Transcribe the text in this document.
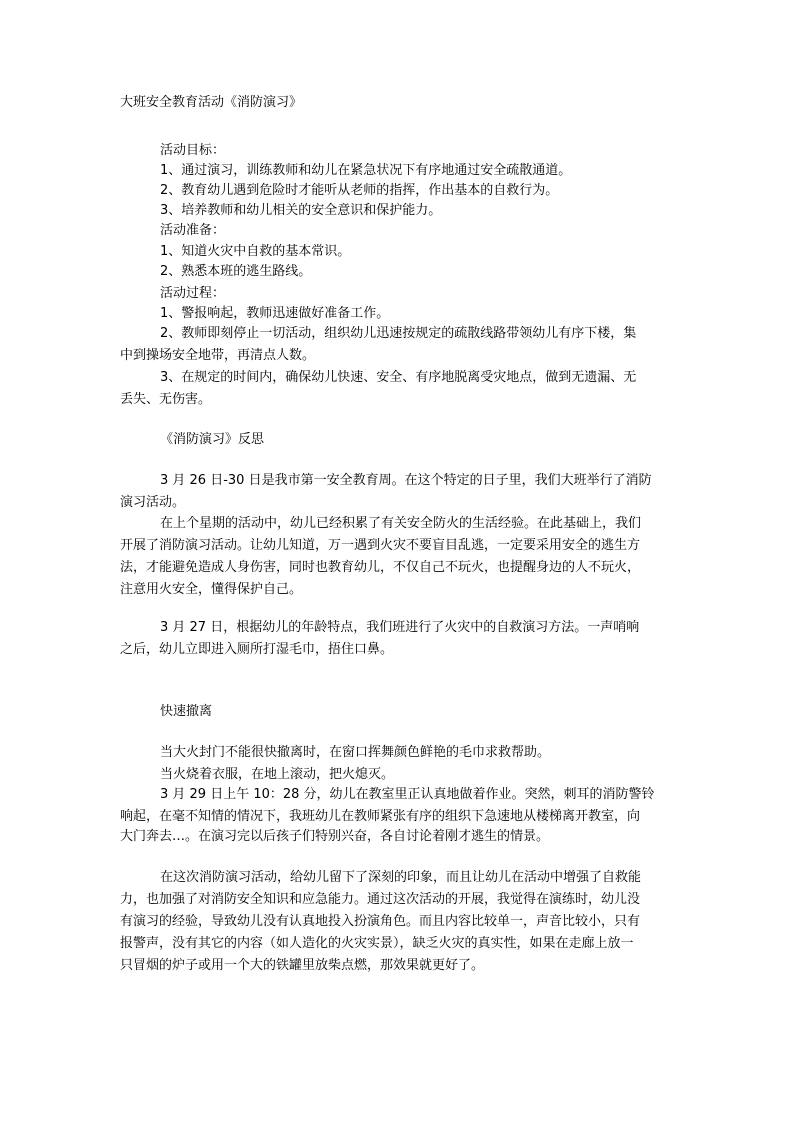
大班安全教育活动《消防演习》
活动目标：
1、通过演习，训练教师和幼儿在紧急状况下有序地通过安全疏散通道。
2、教育幼儿遇到危险时才能听从老师的指挥，作出基本的自救行为。
3、培养教师和幼儿相关的安全意识和保护能力。
活动准备：
1、知道火灾中自救的基本常识。
2、熟悉本班的逃生路线。
活动过程：
1、警报响起，教师迅速做好准备工作。
2、教师即刻停止一切活动，组织幼儿迅速按规定的疏散线路带领幼儿有序下楼，集
中到操场安全地带，再清点人数。
3、在规定的时间内，确保幼儿快速、安全、有序地脱离受灾地点，做到无遗漏、无
丢失、无伤害。
《消防演习》反思
3 月 26 日-30 日是我市第一安全教育周。在这个特定的日子里，我们大班举行了消防
演习活动。
在上个星期的活动中，幼儿已经积累了有关安全防火的生活经验。在此基础上，我们
开展了消防演习活动。让幼儿知道，万一遇到火灾不要盲目乱逃，一定要采用安全的逃生方
法，才能避免造成人身伤害，同时也教育幼儿，不仅自己不玩火，也提醒身边的人不玩火，
注意用火安全，懂得保护自己。
3 月 27 日，根据幼儿的年龄特点，我们班进行了火灾中的自救演习方法。一声哨响
之后，幼儿立即进入厕所打湿毛巾，捂住口鼻。
快速撤离
当大火封门不能很快撤离时，在窗口挥舞颜色鲜艳的毛巾求救帮助。
当火烧着衣服，在地上滚动，把火熄灭。
3 月 29 日上午 10：28 分，幼儿在教室里正认真地做着作业。突然，刺耳的消防警铃
响起，在毫不知情的情况下，我班幼儿在教师紧张有序的组织下急速地从楼梯离开教室，向
大门奔去…。在演习完以后孩子们特别兴奋，各自讨论着刚才逃生的情景。
在这次消防演习活动，给幼儿留下了深刻的印象，而且让幼儿在活动中增强了自救能
力，也加强了对消防安全知识和应急能力。通过这次活动的开展，我觉得在演练时，幼儿没
有演习的经验，导致幼儿没有认真地投入扮演角色。而且内容比较单一，声音比较小，只有
报警声，没有其它的内容（如人造化的火灾实景），缺乏火灾的真实性，如果在走廊上放一
只冒烟的炉子或用一个大的铁罐里放柴点燃，那效果就更好了。
